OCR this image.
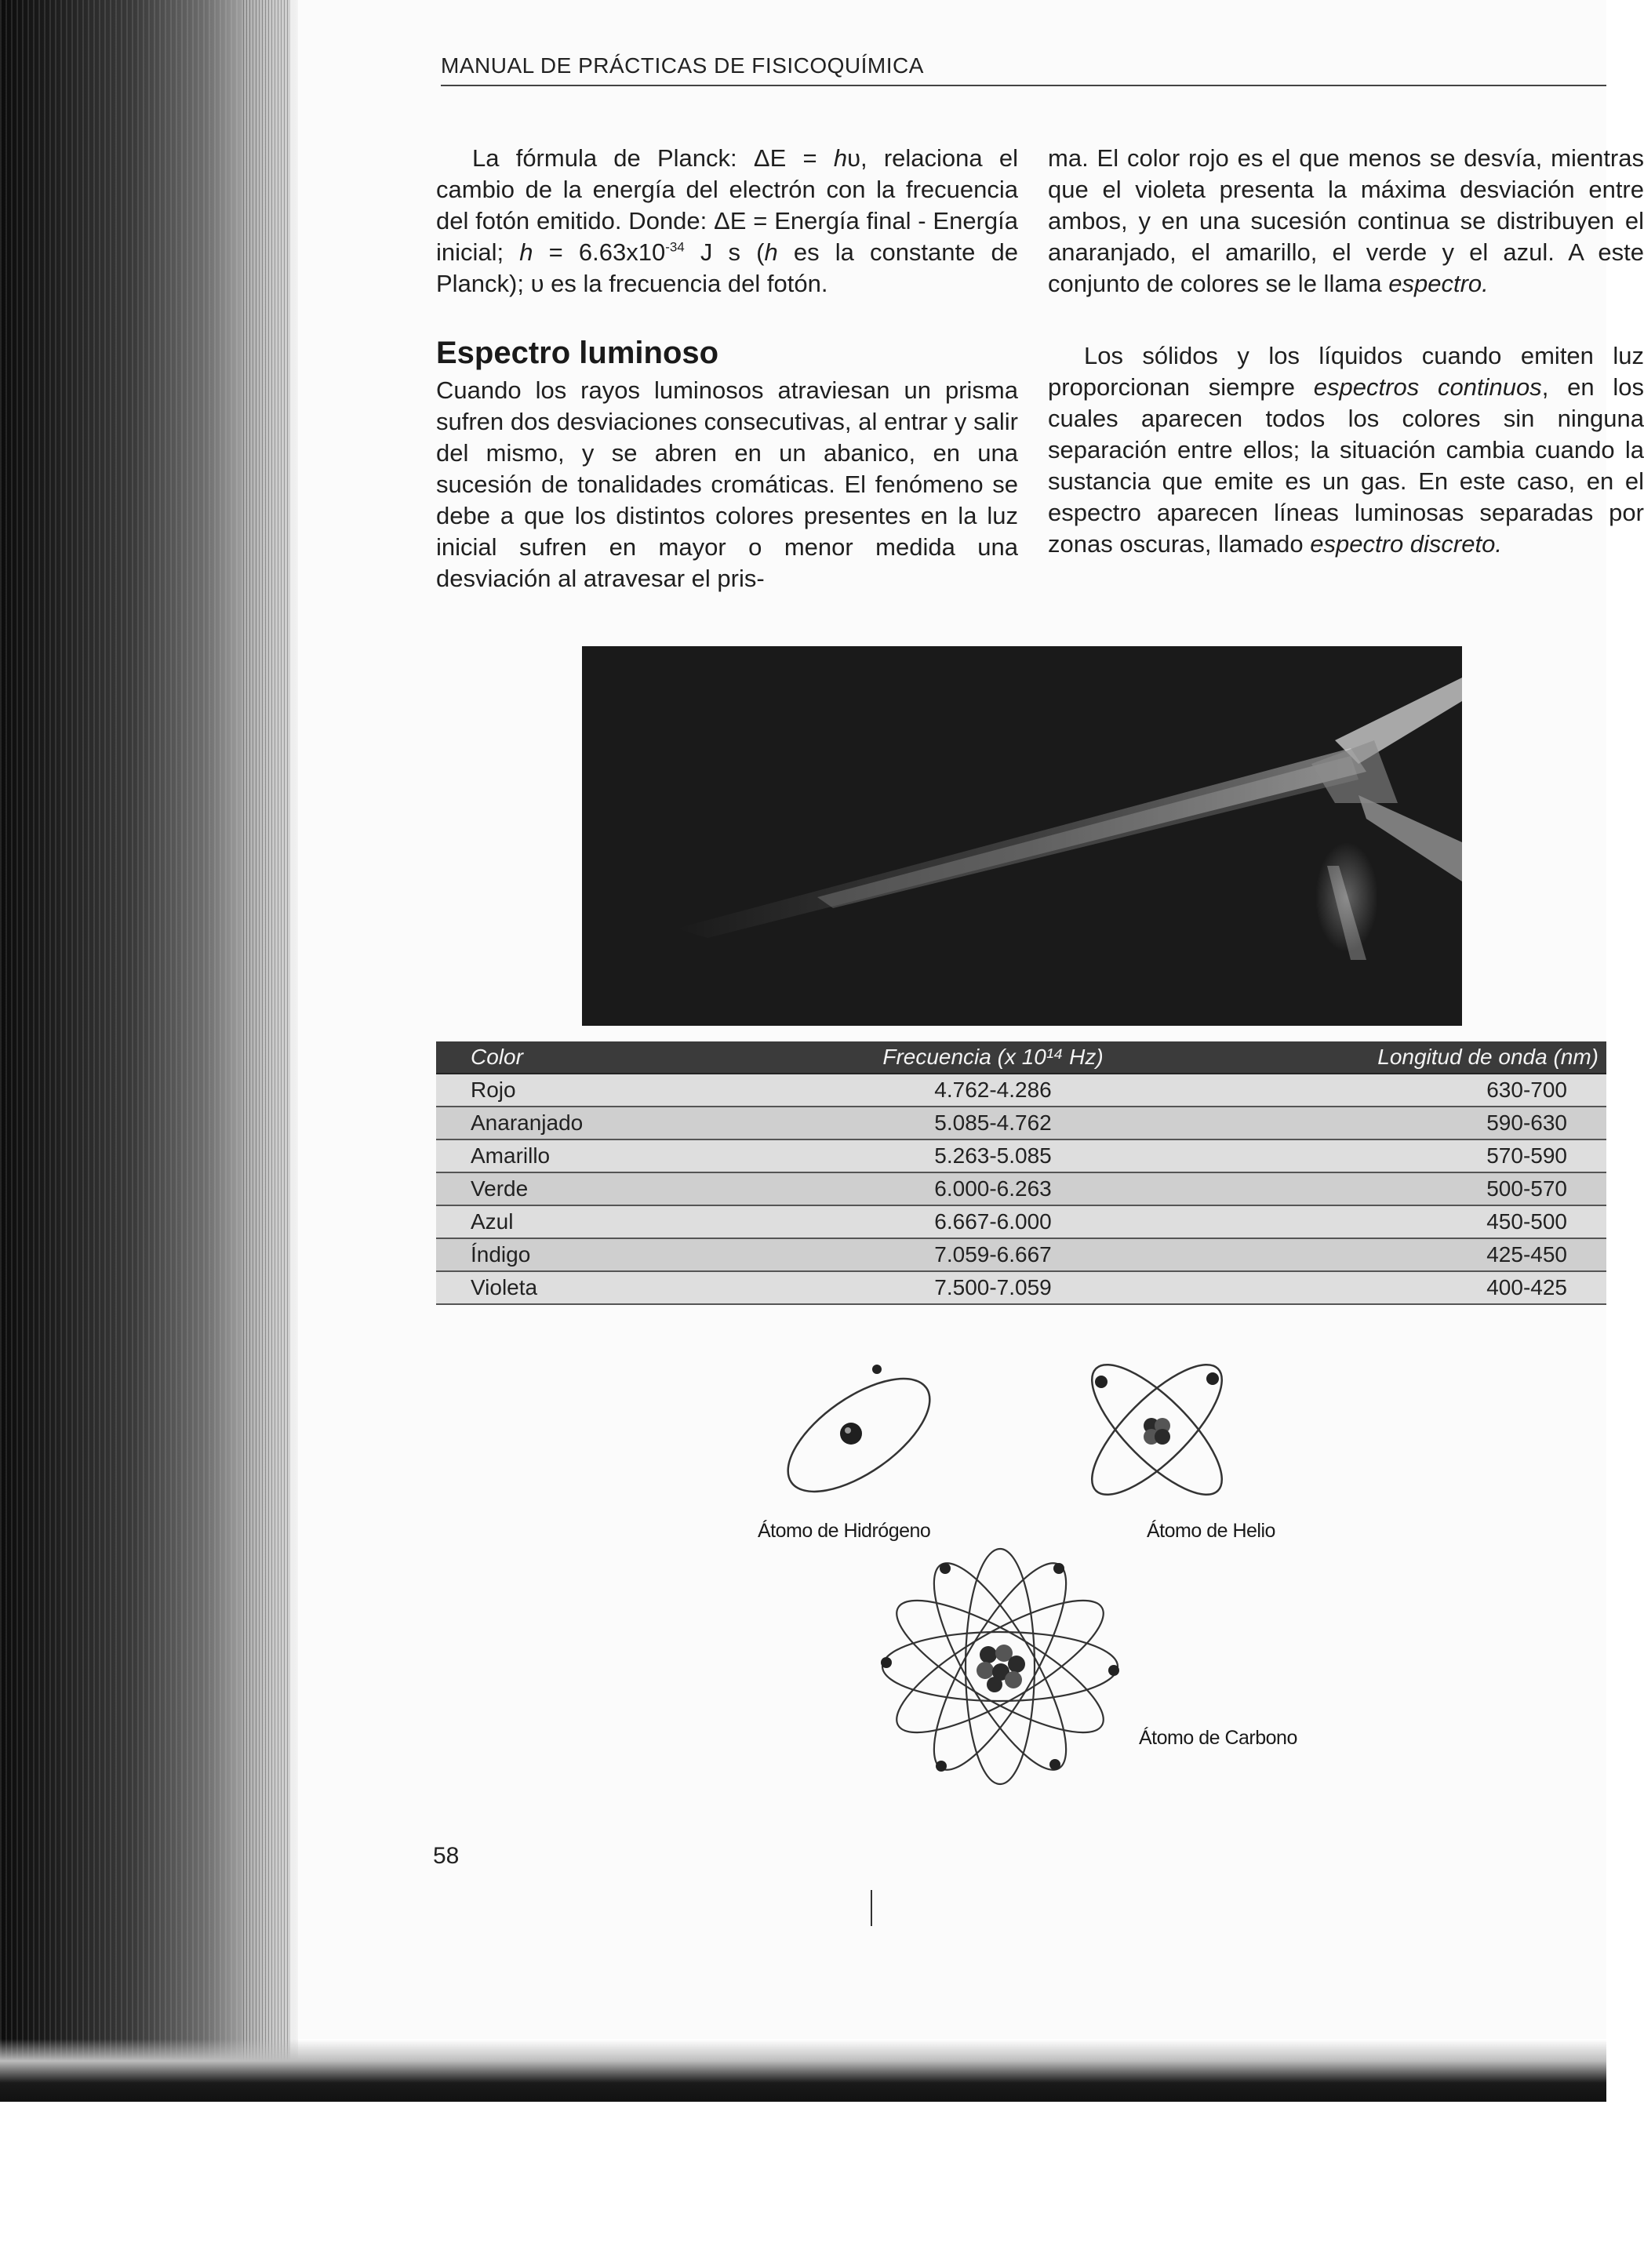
MANUAL DE PRÁCTICAS DE FISICOQUÍMICA

La fórmula de Planck: ΔE = hυ, relaciona el cambio de la energía del electrón con la frecuencia del fotón emitido. Donde: ΔE = Energía final - Energía inicial; $h = 6.63x10^{-34}$ J s (h es la constante de Planck); υ es la frecuencia del fotón.

Espectro luminoso
Cuando los rayos luminosos atraviesan un prisma sufren dos desviaciones consecutivas, al entrar y salir del mismo, y se abren en un abanico, en una sucesión de tonalidades cromáticas. El fenómeno se debe a que los distintos colores presentes en la luz inicial sufren en mayor o menor medida una desviación al atravesar el pris-

ma. El color rojo es el que menos se desvía, mientras que el violeta presenta la máxima desviación entre ambos, y en una sucesión continua se distribuyen el anaranjado, el amarillo, el verde y el azul. A este conjunto de colores se le llama espectro.

Los sólidos y los líquidos cuando emiten luz proporcionan siempre espectros continuos, en los cuales aparecen todos los colores sin ninguna separación entre ellos; la situación cambia cuando la sustancia que emite es un gas. En este caso, en el espectro aparecen líneas luminosas separadas por zonas oscuras, llamado espectro discreto.

Color	Frecuencia (x 10¹⁴ Hz)	Longitud de onda (nm)
Rojo	4.762-4.286	630-700
Anaranjado	5.085-4.762	590-630
Amarillo	5.263-5.085	570-590
Verde	6.000-6.263	500-570
Azul	6.667-6.000	450-500
Índigo	7.059-6.667	425-450
Violeta	7.500-7.059	400-425
Átomo de Hidrógeno	Átomo de Helio
Átomo de Carbono
58
